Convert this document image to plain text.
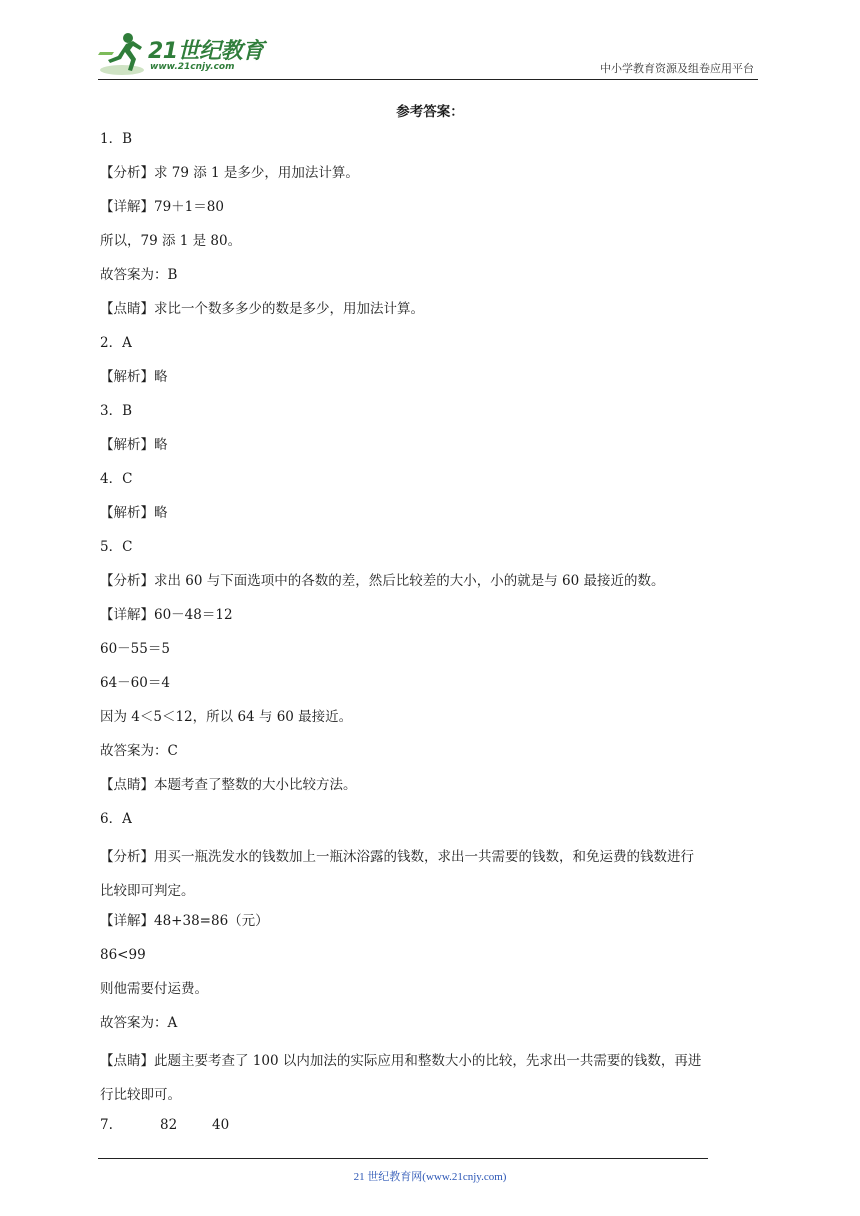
21世纪教育
www.21cnjy.com	中小学教育资源及组卷应用平台
参考答案：
1．B
【分析】求 79 添 1 是多少，用加法计算。
【详解】79＋1＝80
所以，79 添 1 是 80。
故答案为：B
【点睛】求比一个数多多少的数是多少，用加法计算。
2．A
【解析】略
3．B
【解析】略
4．C
【解析】略
5．C
【分析】求出 60 与下面选项中的各数的差，然后比较差的大小，小的就是与 60 最接近的数。
【详解】60－48＝12
60－55＝5
64－60＝4
因为 4＜5＜12，所以 64 与 60 最接近。
故答案为：C
【点睛】本题考查了整数的大小比较方法。
6．A
【分析】用买一瓶洗发水的钱数加上一瓶沐浴露的钱数，求出一共需要的钱数，和免运费的钱数进行
比较即可判定。
【详解】48+38=86（元）
86<99
则他需要付运费。
故答案为：A
【点睛】此题主要考查了 100 以内加法的实际应用和整数大小的比较，先求出一共需要的钱数，再进
行比较即可。
7.	82	40
21 世纪教育网(www.21cnjy.com)
